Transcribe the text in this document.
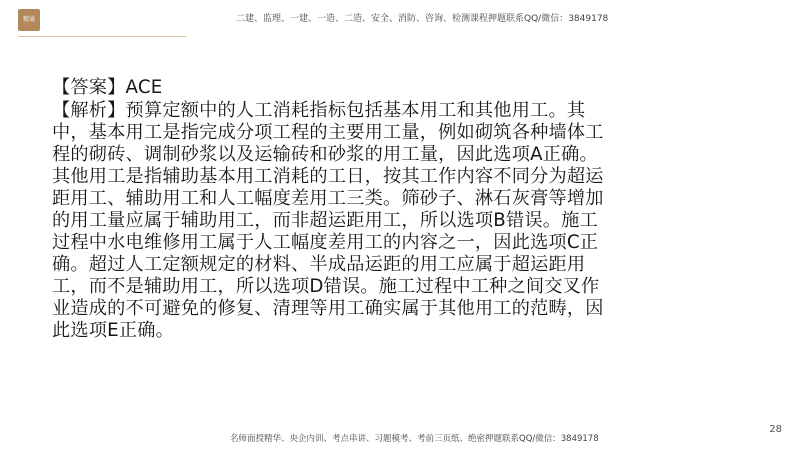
精通	二建、监理、一建、一造、二造、安全、消防、咨询、检测课程押题联系QQ/微信：3849178

【答案】ACE

【解析】预算定额中的人工消耗指标包括基本用工和其他用工。其中，基本用工是指完成分项工程的主要用工量，例如砌筑各种墙体工程的砌砖、调制砂浆以及运输砖和砂浆的用工量，因此选项A正确。其他用工是指辅助基本用工消耗的工日，按其工作内容不同分为超运距用工、辅助用工和人工幅度差用工三类。筛砂子、淋石灰膏等增加的用工量应属于辅助用工，而非超运距用工，所以选项B错误。施工过程中水电维修用工属于人工幅度差用工的内容之一，因此选项C正确。超过人工定额规定的材料、半成品运距的用工应属于超运距用工，而不是辅助用工，所以选项D错误。施工过程中工种之间交叉作业造成的不可避免的修复、清理等用工确实属于其他用工的范畴，因此选项E正确。

28
名师面授精华、央企内训、考点串讲、习题模考、考前三页纸、绝密押题联系QQ/微信：3849178
